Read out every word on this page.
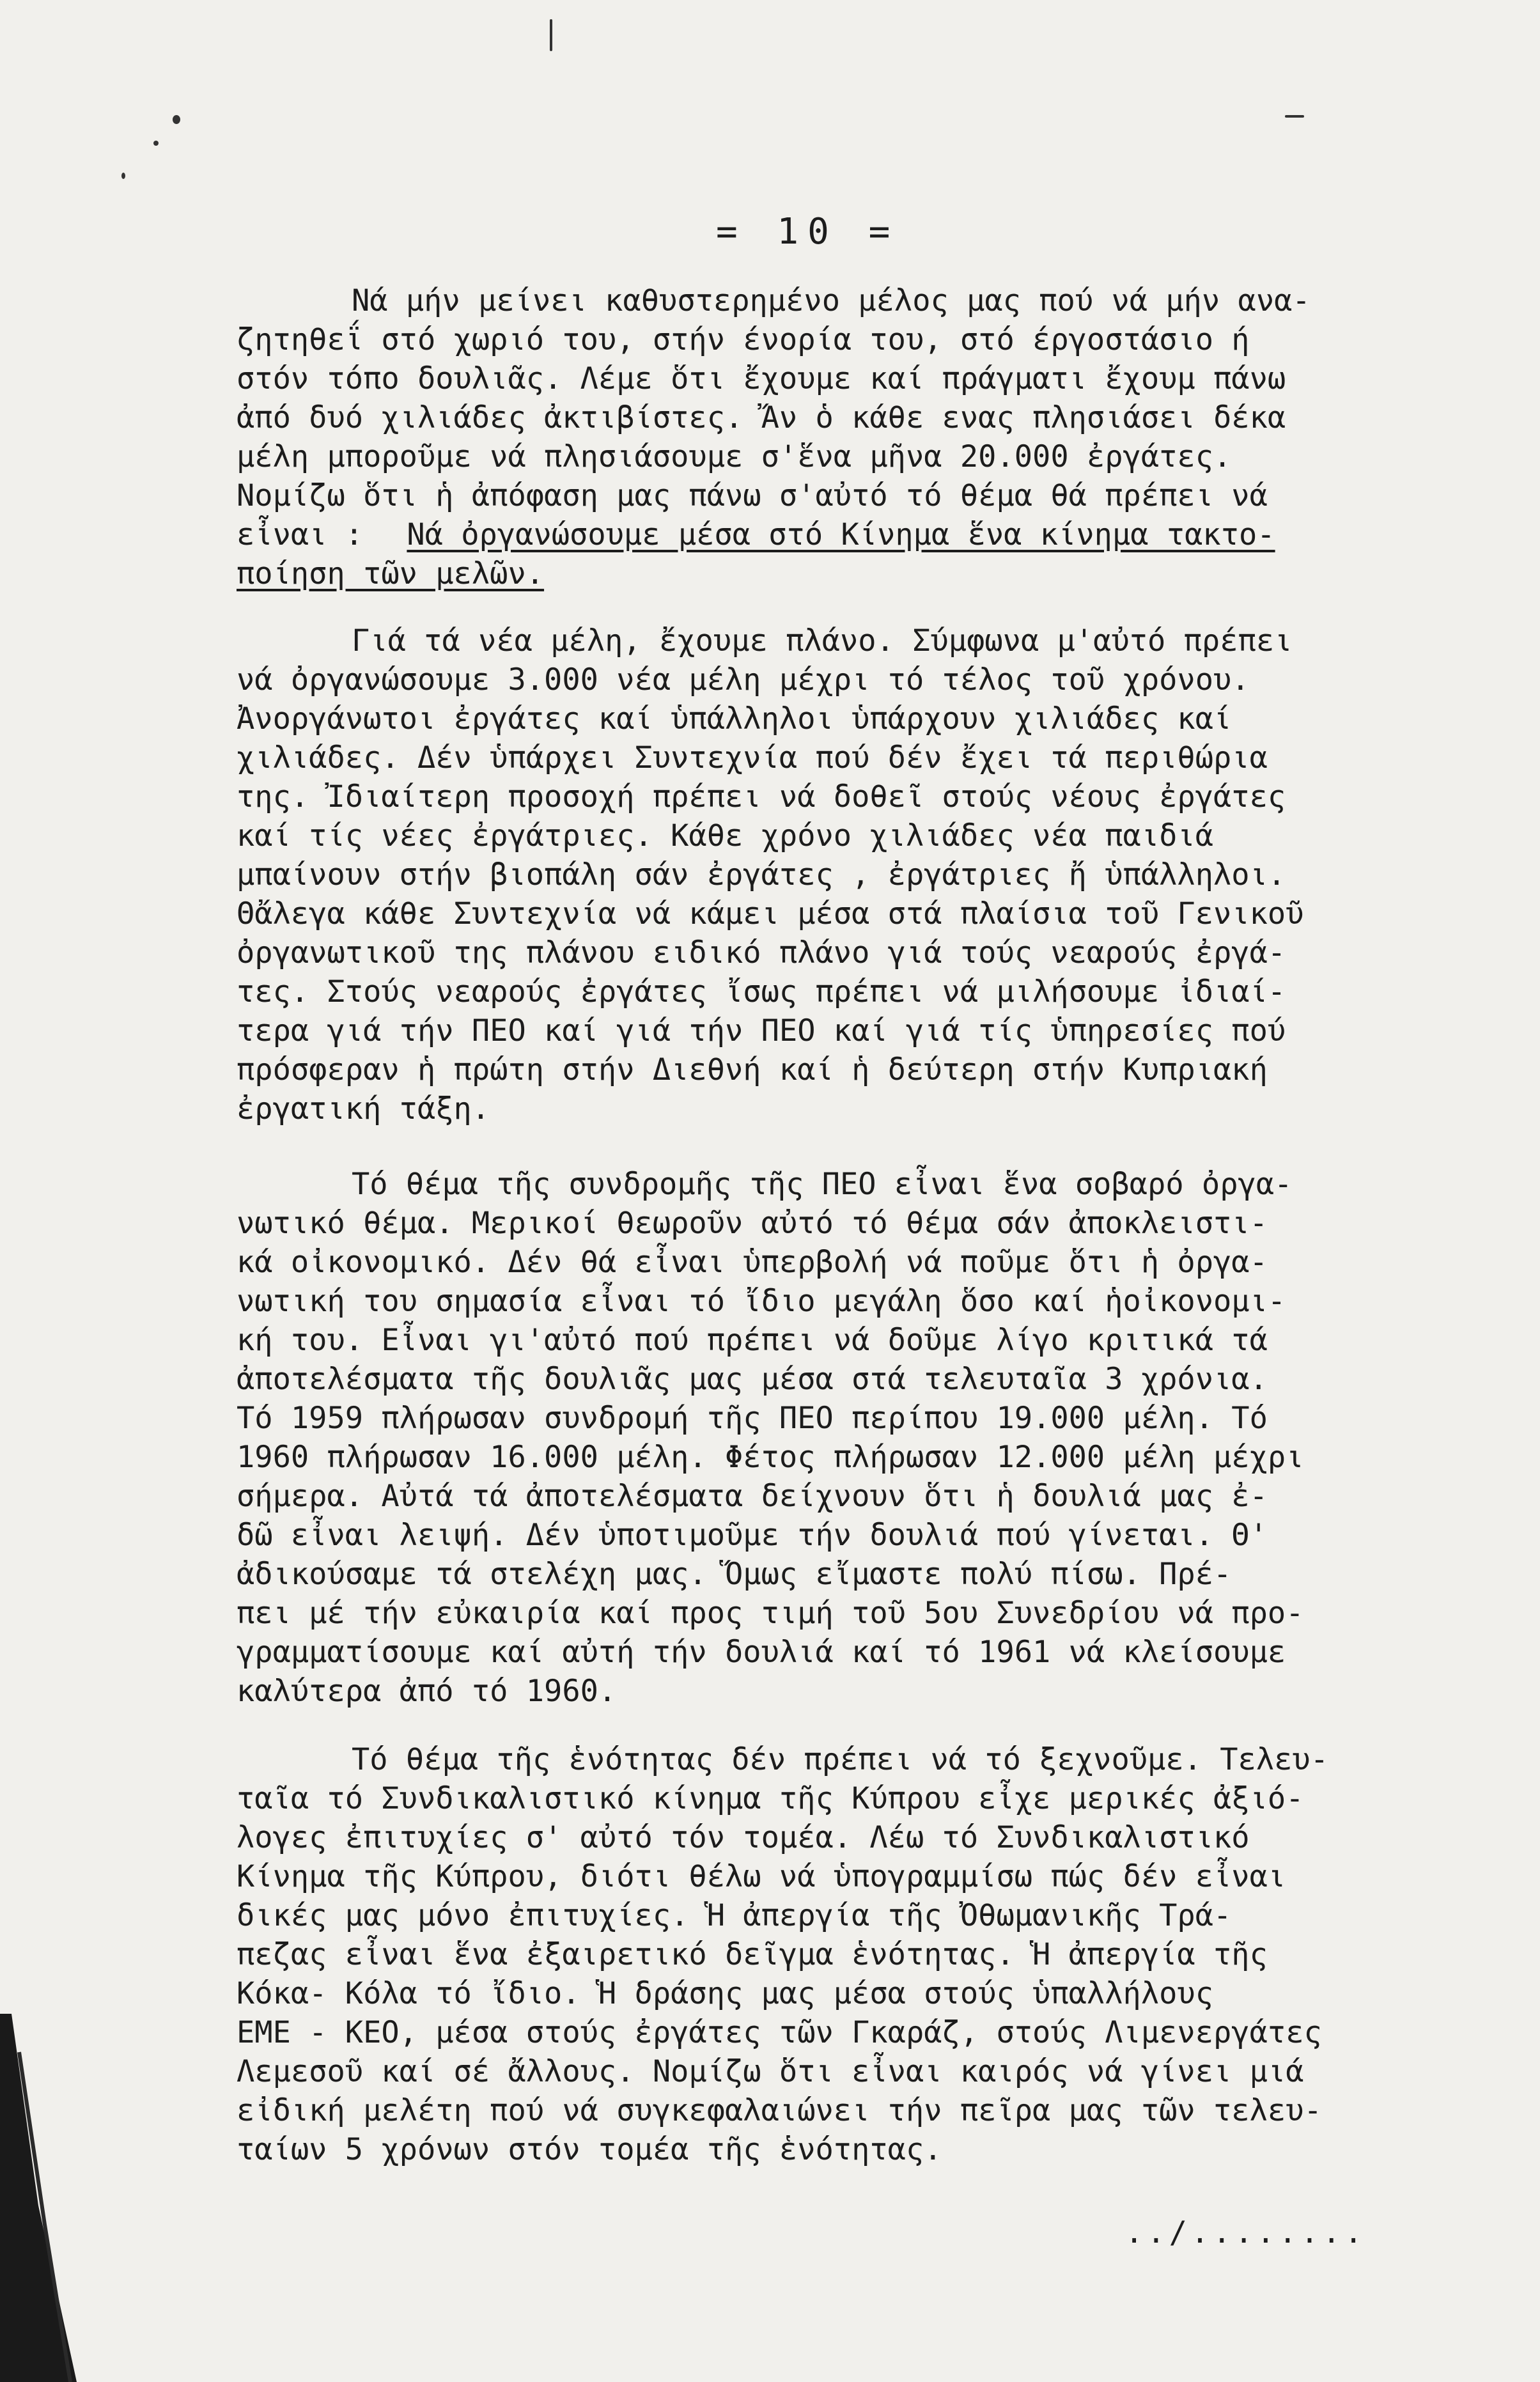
= 10 =
Νά μήν μείνει καθυστερημένο μέλος μας πού νά μήν ανα-
ζητηθεΐ στό χωριό του, στήν ένορία του, στό έργοστάσιο ή
στόν τόπο δουλιᾶς. Λέμε ὅτι ἔχουμε καί πράγματι ἔχουμ πάνω
ἀπό δυό χιλιάδες ἀκτιβίστες. Ἄν ὁ κάθε ενας πλησιάσει δέκα
μέλη μποροῦμε νά πλησιάσουμε σ'ἕνα μῆνα 20.000 ἐργάτες.
Νομίζω ὅτι ἡ ἀπόφαση μας πάνω σ'αὐτό τό θέμα θά πρέπει νά
εἶναι : Νά ὀργανώσουμε μέσα στό Κίνημα ἕνα κίνημα τακτο-
ποίηση τῶν μελῶν.
Γιά τά νέα μέλη, ἔχουμε πλάνο. Σύμφωνα μ'αὐτό πρέπει
νά ὀργανώσουμε 3.000 νέα μέλη μέχρι τό τέλος τοῦ χρόνου.
Ἀνοργάνωτοι ἐργάτες καί ὑπάλληλοι ὑπάρχουν χιλιάδες καί
χιλιάδες. Δέν ὑπάρχει Συντεχνία πού δέν ἔχει τά περιθώρια
της. Ἰδιαίτερη προσοχή πρέπει νά δοθεῖ στούς νέους ἐργάτες
καί τίς νέες ἐργάτριες. Κάθε χρόνο χιλιάδες νέα παιδιά
μπαίνουν στήν βιοπάλη σάν ἐργάτες , ἐργάτριες ἤ ὑπάλληλοι.
Θἄλεγα κάθε Συντεχνία νά κάμει μέσα στά πλαίσια τοῦ Γενικοῦ
ὀργανωτικοῦ της πλάνου ειδικό πλάνο γιά τούς νεαρούς ἐργά-
τες. Στούς νεαρούς ἐργάτες ἴσως πρέπει νά μιλήσουμε ἰδιαί-
τερα γιά τήν ΠΕΟ καί γιά τήν ΠΕΟ καί γιά τίς ὑπηρεσίες πού
πρόσφεραν ἡ πρώτη στήν Διεθνή καί ἡ δεύτερη στήν Κυπριακή
ἐργατική τάξη.
Τό θέμα τῆς συνδρομῆς τῆς ΠΕΟ εἶναι ἕνα σοβαρό ὀργα-
νωτικό θέμα. Μερικοί θεωροῦν αὐτό τό θέμα σάν ἀποκλειστι-
κά οἰκονομικό. Δέν θά εἶναι ὑπερβολή νά ποῦμε ὅτι ἡ ὀργα-
νωτική του σημασία εἶναι τό ἴδιο μεγάλη ὅσο καί ἡοἰκονομι-
κή του. Εἶναι γι'αὐτό πού πρέπει νά δοῦμε λίγο κριτικά τά
ἀποτελέσματα τῆς δουλιᾶς μας μέσα στά τελευταῖα 3 χρόνια.
Τό 1959 πλήρωσαν συνδρομή τῆς ΠΕΟ περίπου 19.000 μέλη. Τό
1960 πλήρωσαν 16.000 μέλη. Φέτος πλήρωσαν 12.000 μέλη μέχρι
σήμερα. Αὐτά τά ἀποτελέσματα δείχνουν ὅτι ἡ δουλιά μας ἐ-
δῶ εἶναι λειψή. Δέν ὑποτιμοῦμε τήν δουλιά πού γίνεται. Θ'
ἀδικούσαμε τά στελέχη μας. Ὅμως εἴμαστε πολύ πίσω. Πρέ-
πει μέ τήν εὐκαιρία καί προς τιμή τοῦ 5ου Συνεδρίου νά προ-
γραμματίσουμε καί αὐτή τήν δουλιά καί τό 1961 νά κλείσουμε
καλύτερα ἀπό τό 1960.
Τό θέμα τῆς ἑνότητας δέν πρέπει νά τό ξεχνοῦμε. Τελευ-
ταῖα τό Συνδικαλιστικό κίνημα τῆς Κύπρου εἶχε μερικές ἀξιό-
λογες ἐπιτυχίες σ' αὐτό τόν τομέα. Λέω τό Συνδικαλιστικό
Κίνημα τῆς Κύπρου, διότι θέλω νά ὑπογραμμίσω πώς δέν εἶναι
δικές μας μόνο ἐπιτυχίες. Ἡ ἀπεργία τῆς Ὀθωμανικῆς Τρά-
πεζας εἶναι ἕνα ἐξαιρετικό δεῖγμα ἑνότητας. Ἡ ἀπεργία τῆς
Κόκα- Κόλα τό ἴδιο. Ἡ δράσης μας μέσα στούς ὑπαλλήλους
ΕΜΕ - ΚΕΟ, μέσα στούς ἐργάτες τῶν Γκαράζ, στούς Λιμενεργάτες
Λεμεσοῦ καί σέ ἄλλους. Νομίζω ὅτι εἶναι καιρός νά γίνει μιά
εἰδική μελέτη πού νά συγκεφαλαιώνει τήν πεῖρα μας τῶν τελευ-
ταίων 5 χρόνων στόν τομέα τῆς ἑνότητας.
../........
